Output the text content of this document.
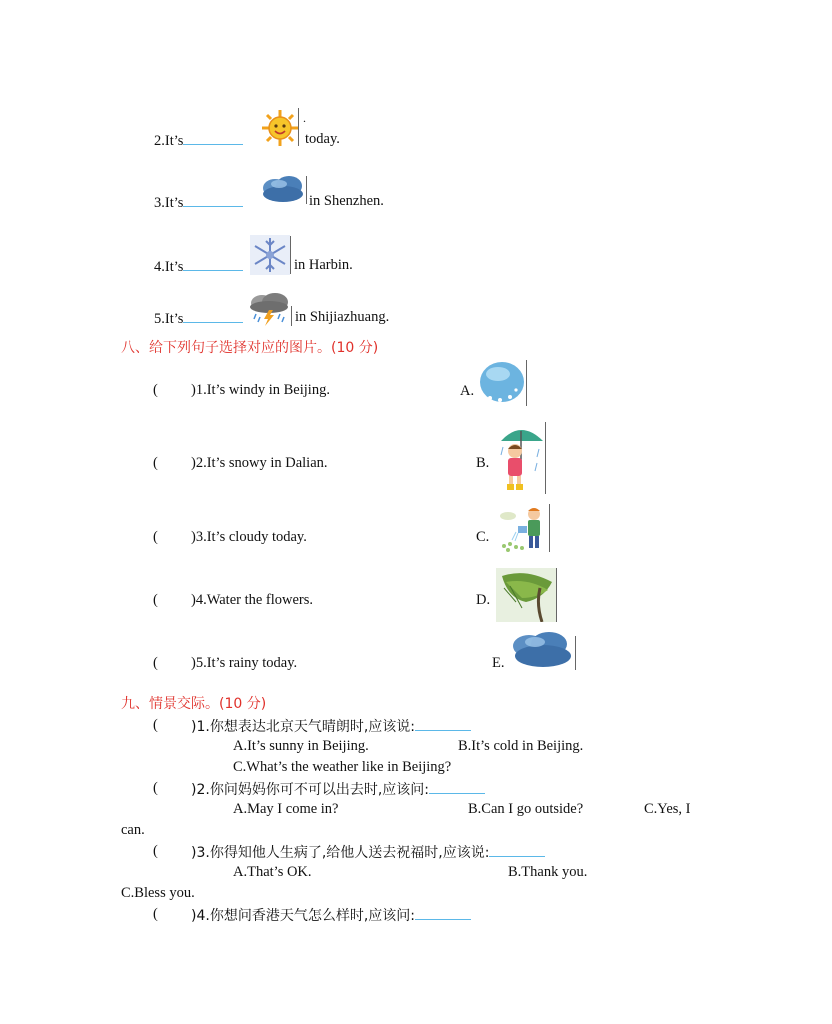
2.It’s
.
today.
3.It’s	in Shenzhen.
4.It’s	in Harbin.
5.It’s	in Shijiazhuang.
八、给下列句子选择对应的图片。(10 分)
( )1.It’s windy in Beijing.	A.
( )2.It’s snowy in Dalian.	B.
( )3.It’s cloudy today.	C.
( )4.Water the flowers.	D.
( )5.It’s rainy today.	E.
九、情景交际。(10 分)
( )1.你想表达北京天气晴朗时,应该说:
A.It’s sunny in Beijing.	B.It’s cold in Beijing.
C.What’s the weather like in Beijing?
( )2.你问妈妈你可不可以出去时,应该问:
A.May I come in?	B.Can I go outside?	C.Yes, I
can.
( )3.你得知他人生病了,给他人送去祝福时,应该说:
A.That’s OK.	B.Thank you.
C.Bless you.
( )4.你想问香港天气怎么样时,应该问:
